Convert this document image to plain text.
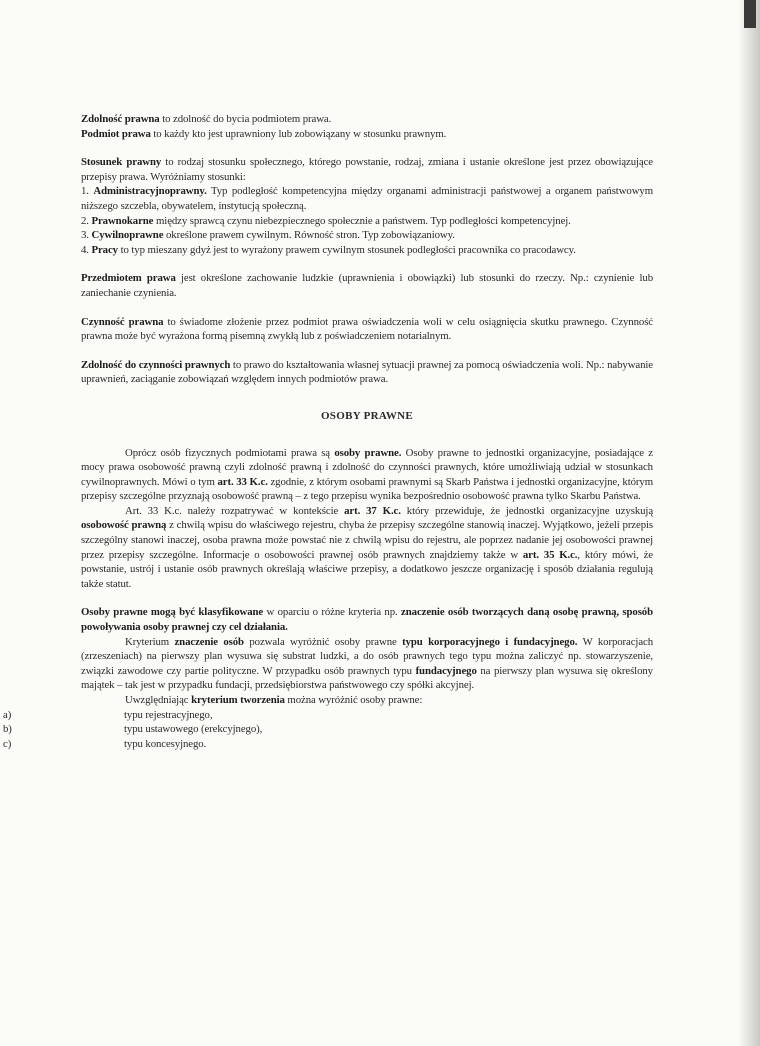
Zdolność prawna to zdolność do bycia podmiotem prawa.

Podmiot prawa to każdy kto jest uprawniony lub zobowiązany w stosunku prawnym.

Stosunek prawny to rodzaj stosunku społecznego, którego powstanie, rodzaj, zmiana i ustanie określone jest przez obowiązujące przepisy prawa. Wyróżniamy stosunki:

1. Administracyjnoprawny. Typ podległość kompetencyjna między organami administracji państwowej a organem państwowym niższego szczebla, obywatelem, instytucją społeczną.

2. Prawnokarne między sprawcą czynu niebezpiecznego społecznie a państwem. Typ podległości kompetencyjnej.

3. Cywilnoprawne określone prawem cywilnym. Równość stron. Typ zobowiązaniowy.

4. Pracy to typ mieszany gdyż jest to wyrażony prawem cywilnym stosunek podległości pracownika co pracodawcy.

Przedmiotem prawa jest określone zachowanie ludzkie (uprawnienia i obowiązki) lub stosunki do rzeczy. Np.: czynienie lub zaniechanie czynienia.

Czynność prawna to świadome złożenie przez podmiot prawa oświadczenia woli w celu osiągnięcia skutku prawnego. Czynność prawna może być wyrażona formą pisemną zwykłą lub z poświadczeniem notarialnym.

Zdolność do czynności prawnych to prawo do kształtowania własnej sytuacji prawnej za pomocą oświadczenia woli. Np.: nabywanie uprawnień, zaciąganie zobowiązań względem innych podmiotów prawa.

OSOBY PRAWNE

Oprócz osób fizycznych podmiotami prawa są osoby prawne. Osoby prawne to jednostki organizacyjne, posiadające z mocy prawa osobowość prawną czyli zdolność prawną i zdolność do czynności prawnych, które umożliwiają udział w stosunkach cywilnoprawnych. Mówi o tym art. 33 K.c. zgodnie, z którym osobami prawnymi są Skarb Państwa i jednostki organizacyjne, którym przepisy szczególne przyznają osobowość prawną – z tego przepisu wynika bezpośrednio osobowość prawna tylko Skarbu Państwa.

Art. 33 K.c. należy rozpatrywać w kontekście art. 37 K.c. który przewiduje, że jednostki organizacyjne uzyskują osobowość prawną z chwilą wpisu do właściwego rejestru, chyba że przepisy szczególne stanowią inaczej. Wyjątkowo, jeżeli przepis szczególny stanowi inaczej, osoba prawna może powstać nie z chwilą wpisu do rejestru, ale poprzez nadanie jej osobowości prawnej przez przepisy szczególne. Informacje o osobowości prawnej osób prawnych znajdziemy także w art. 35 K.c., który mówi, że powstanie, ustrój i ustanie osób prawnych określają właściwe przepisy, a dodatkowo jeszcze organizację i sposób działania regulują także statut.

Osoby prawne mogą być klasyfikowane w oparciu o różne kryteria np. znaczenie osób tworzących daną osobę prawną, sposób powoływania osoby prawnej czy cel działania.

Kryterium znaczenie osób pozwala wyróżnić osoby prawne typu korporacyjnego i fundacyjnego. W korporacjach (zrzeszeniach) na pierwszy plan wysuwa się substrat ludzki, a do osób prawnych tego typu można zaliczyć np. stowarzyszenie, związki zawodowe czy partie polityczne. W przypadku osób prawnych typu fundacyjnego na pierwszy plan wysuwa się określony majątek – tak jest w przypadku fundacji, przedsiębiorstwa państwowego czy spółki akcyjnej.

Uwzględniając kryterium tworzenia można wyróżnić osoby prawne:

a)	typu rejestracyjnego,
b)	typu ustawowego (erekcyjnego),
c)	typu koncesyjnego.
